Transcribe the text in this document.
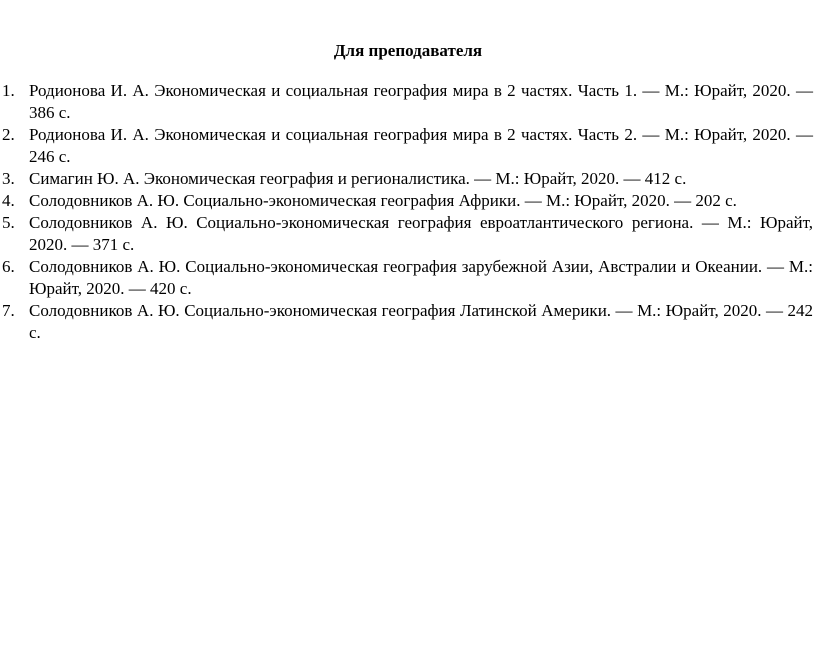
Для преподавателя
1. Родионова И. А. Экономическая и социальная география мира в 2 частях. Часть 1. — М.: Юрайт, 2020. — 386 с.
2. Родионова И. А. Экономическая и социальная география мира в 2 частях. Часть 2. — М.: Юрайт, 2020. — 246 с.
3. Симагин Ю. А. Экономическая география и регионалистика. — М.: Юрайт, 2020. — 412 с.
4. Солодовников А. Ю. Социально-экономическая география Африки. — М.: Юрайт, 2020. — 202 с.
5. Солодовников А. Ю. Социально-экономическая география евроатлантического региона. — М.: Юрайт, 2020. — 371 с.
6. Солодовников А. Ю. Социально-экономическая география зарубежной Азии, Австралии и Океании. — М.: Юрайт, 2020. — 420 с.
7. Солодовников А. Ю. Социально-экономическая география Латинской Америки. — М.: Юрайт, 2020. — 242 с.
